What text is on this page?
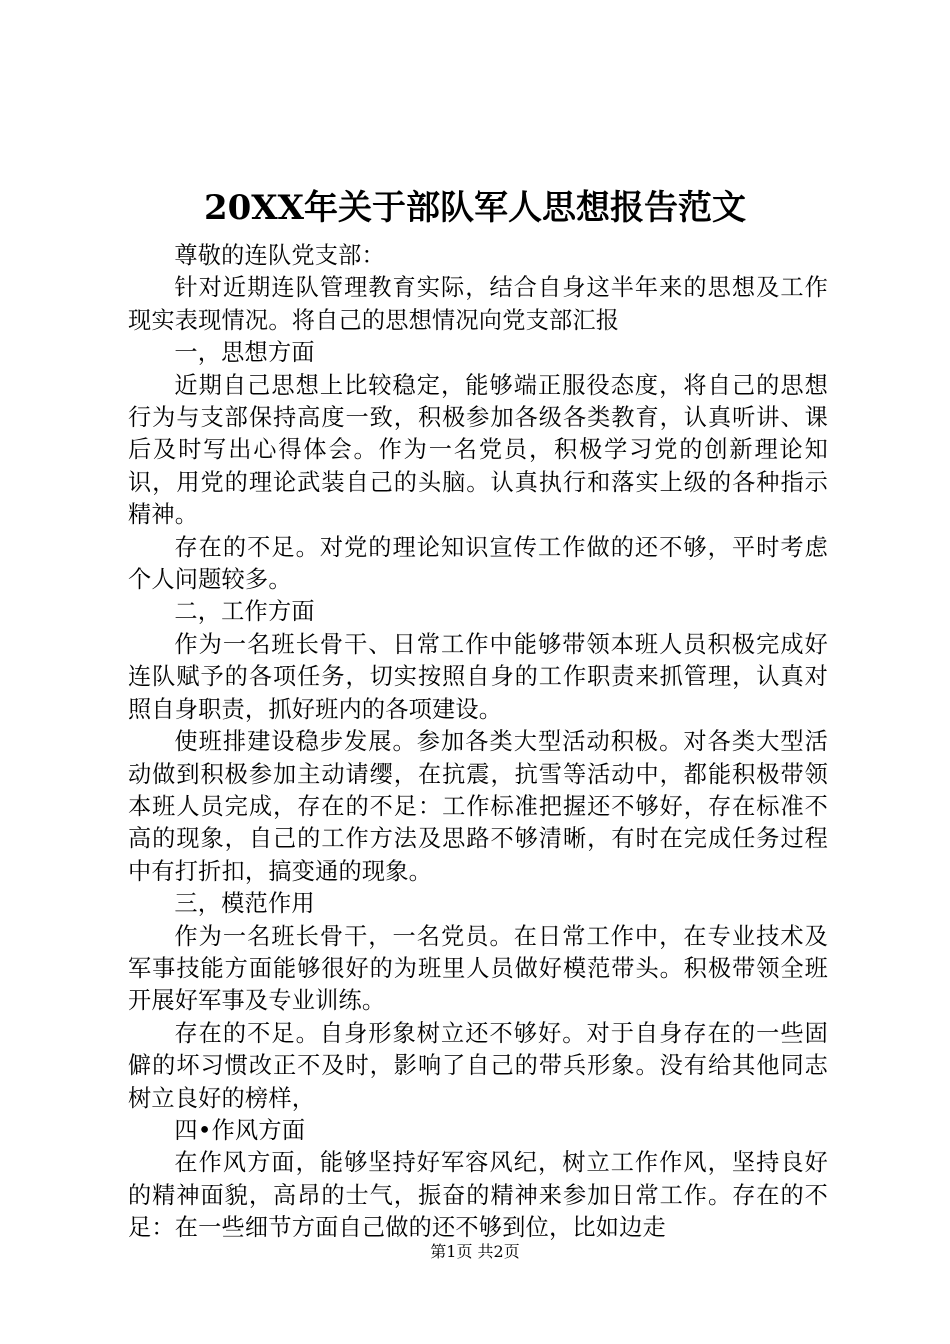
20XX年关于部队军人思想报告范文

尊敬的连队党支部：

针对近期连队管理教育实际，结合自身这半年来的思想及工作现实表现情况。将自己的思想情况向党支部汇报

一，思想方面

近期自己思想上比较稳定，能够端正服役态度，将自己的思想行为与支部保持高度一致，积极参加各级各类教育，认真听讲、课后及时写出心得体会。作为一名党员，积极学习党的创新理论知识，用党的理论武装自己的头脑。认真执行和落实上级的各种指示精神。

存在的不足。对党的理论知识宣传工作做的还不够，平时考虑个人问题较多。

二，工作方面

作为一名班长骨干、日常工作中能够带领本班人员积极完成好连队赋予的各项任务，切实按照自身的工作职责来抓管理，认真对照自身职责，抓好班内的各项建设。

使班排建设稳步发展。参加各类大型活动积极。对各类大型活动做到积极参加主动请缨，在抗震，抗雪等活动中，都能积极带领本班人员完成，存在的不足：工作标准把握还不够好，存在标准不高的现象，自己的工作方法及思路不够清晰，有时在完成任务过程中有打折扣，搞变通的现象。

三，模范作用

作为一名班长骨干，一名党员。在日常工作中，在专业技术及军事技能方面能够很好的为班里人员做好模范带头。积极带领全班开展好军事及专业训练。

存在的不足。自身形象树立还不够好。对于自身存在的一些固僻的坏习惯改正不及时，影响了自己的带兵形象。没有给其他同志树立良好的榜样，

四•作风方面

在作风方面，能够坚持好军容风纪，树立工作作风，坚持良好的精神面貌，高昂的士气，振奋的精神来参加日常工作。存在的不足：在一些细节方面自己做的还不够到位，比如边走

第1页 共2页
